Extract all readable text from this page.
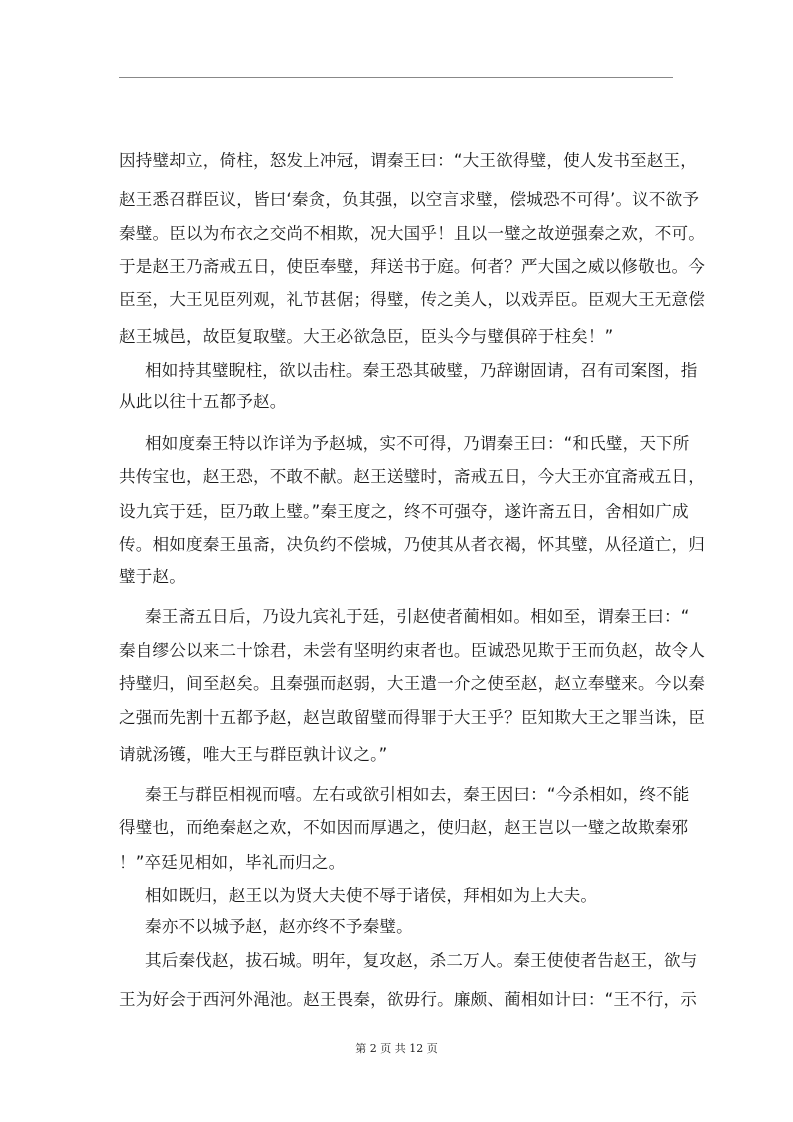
因持璧却立，倚柱，怒发上冲冠，谓秦王曰：“大王欲得璧，使人发书至赵王，
赵王悉召群臣议，皆曰‘秦贪，负其强，以空言求璧，偿城恐不可得’。议不欲予
秦璧。臣以为布衣之交尚不相欺，况大国乎！且以一璧之故逆强秦之欢，不可。
于是赵王乃斋戒五日，使臣奉璧，拜送书于庭。何者？严大国之威以修敬也。今
臣至，大王见臣列观，礼节甚倨；得璧，传之美人，以戏弄臣。臣观大王无意偿
赵王城邑，故臣复取璧。大王必欲急臣，臣头今与璧俱碎于柱矣！”
相如持其璧睨柱，欲以击柱。秦王恐其破璧，乃辞谢固请，召有司案图，指
从此以往十五都予赵。
相如度秦王特以诈详为予赵城，实不可得，乃谓秦王曰：“和氏璧，天下所
共传宝也，赵王恐，不敢不献。赵王送璧时，斋戒五日，今大王亦宜斋戒五日，
设九宾于廷，臣乃敢上璧。”秦王度之，终不可强夺，遂许斋五日，舍相如广成
传。相如度秦王虽斋，决负约不偿城，乃使其从者衣褐，怀其璧，从径道亡，归
璧于赵。
秦王斋五日后，乃设九宾礼于廷，引赵使者蔺相如。相如至，谓秦王曰：“
秦自缪公以来二十馀君，未尝有坚明约束者也。臣诚恐见欺于王而负赵，故令人
持璧归，间至赵矣。且秦强而赵弱，大王遣一介之使至赵，赵立奉璧来。今以秦
之强而先割十五都予赵，赵岂敢留璧而得罪于大王乎？臣知欺大王之罪当诛，臣
请就汤镬，唯大王与群臣孰计议之。”
秦王与群臣相视而嘻。左右或欲引相如去，秦王因曰：“今杀相如，终不能
得璧也，而绝秦赵之欢，不如因而厚遇之，使归赵，赵王岂以一璧之故欺秦邪
！”卒廷见相如，毕礼而归之。
相如既归，赵王以为贤大夫使不辱于诸侯，拜相如为上大夫。
秦亦不以城予赵，赵亦终不予秦璧。
其后秦伐赵，拔石城。明年，复攻赵，杀二万人。秦王使使者告赵王，欲与
王为好会于西河外渑池。赵王畏秦，欲毋行。廉颇、蔺相如计曰：“王不行，示
第 2 页 共 12 页
